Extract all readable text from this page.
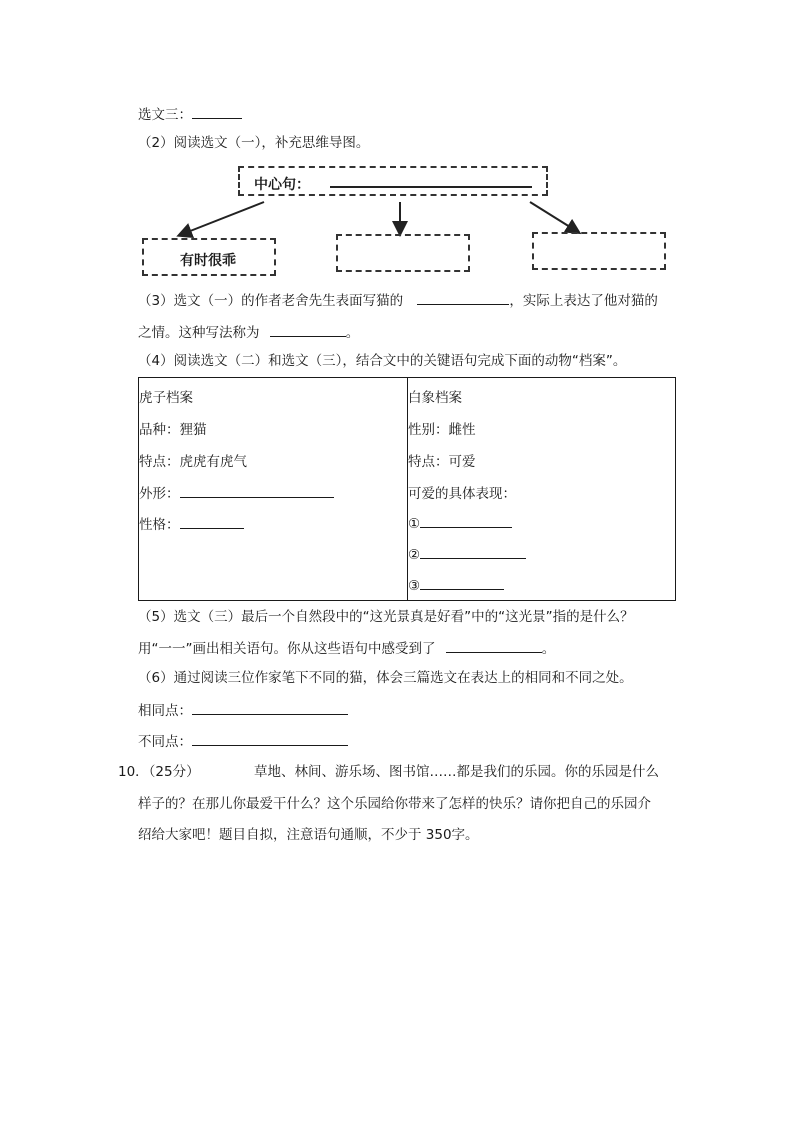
选文三：
（2）阅读选文（一），补充思维导图。
中心句：
有时很乖
（3）选文（一）的作者老舍先生表面写猫的	，实际上表达了他对猫的
之情。这种写法称为	。
（4）阅读选文（二）和选文（三），结合文中的关键语句完成下面的动物“档案”。
虎子档案
品种：狸猫
特点：虎虎有虎气
外形：
性格：

白象档案
性别：雌性
特点：可爱
可爱的具体表现：
①
②
③
（5）选文（三）最后一个自然段中的“这光景真是好看”中的“这光景”指的是什么？
用“一一”画出相关语句。你从这些语句中感受到了	。
（6）通过阅读三位作家笔下不同的猫，体会三篇选文在表达上的相同和不同之处。
相同点：
不同点：
10．（25分）	草地、林间、游乐场、图书馆……都是我们的乐园。你的乐园是什么
样子的？在那儿你最爱干什么？这个乐园给你带来了怎样的快乐？请你把自己的乐园介
绍给大家吧！题目自拟，注意语句通顺，不少于 350字。
